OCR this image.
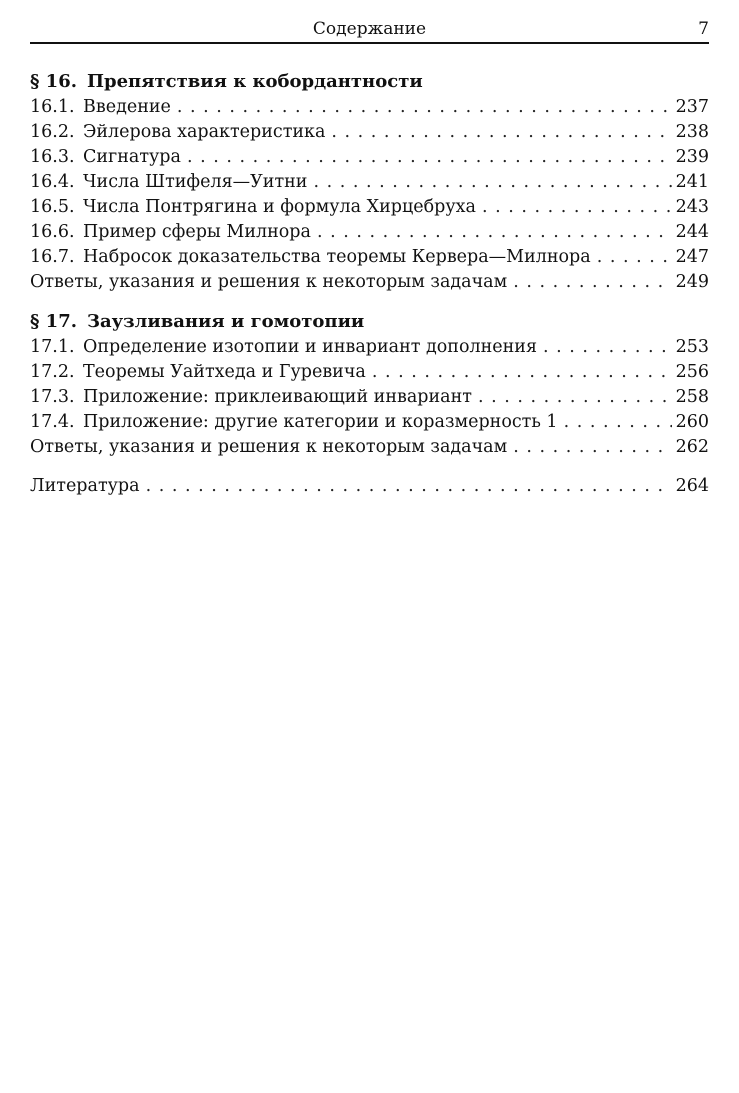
Содержание	7
§ 16. Препятствия к кобордантности
16.1. Введение . . .	237
16.2. Эйлерова характеристика . . .	238
16.3. Сигнатура . . .	239
16.4. Числа Штифеля—Уитни . . .	241
16.5. Числа Понтрягина и формула Хирцебруха . . .	243
16.6. Пример сферы Милнора . . .	244
16.7. Набросок доказательства теоремы Кервера—Милнора . . .	247
Ответы, указания и решения к некоторым задачам . . .	249
§ 17. Заузливания и гомотопии
17.1. Определение изотопии и инвариант дополнения . . .	253
17.2. Теоремы Уайтхеда и Гуревича . . .	256
17.3. Приложение: приклеивающий инвариант . . .	258
17.4. Приложение: другие категории и коразмерность 1 . . .	260
Ответы, указания и решения к некоторым задачам . . .	262
Литература . . .	264
